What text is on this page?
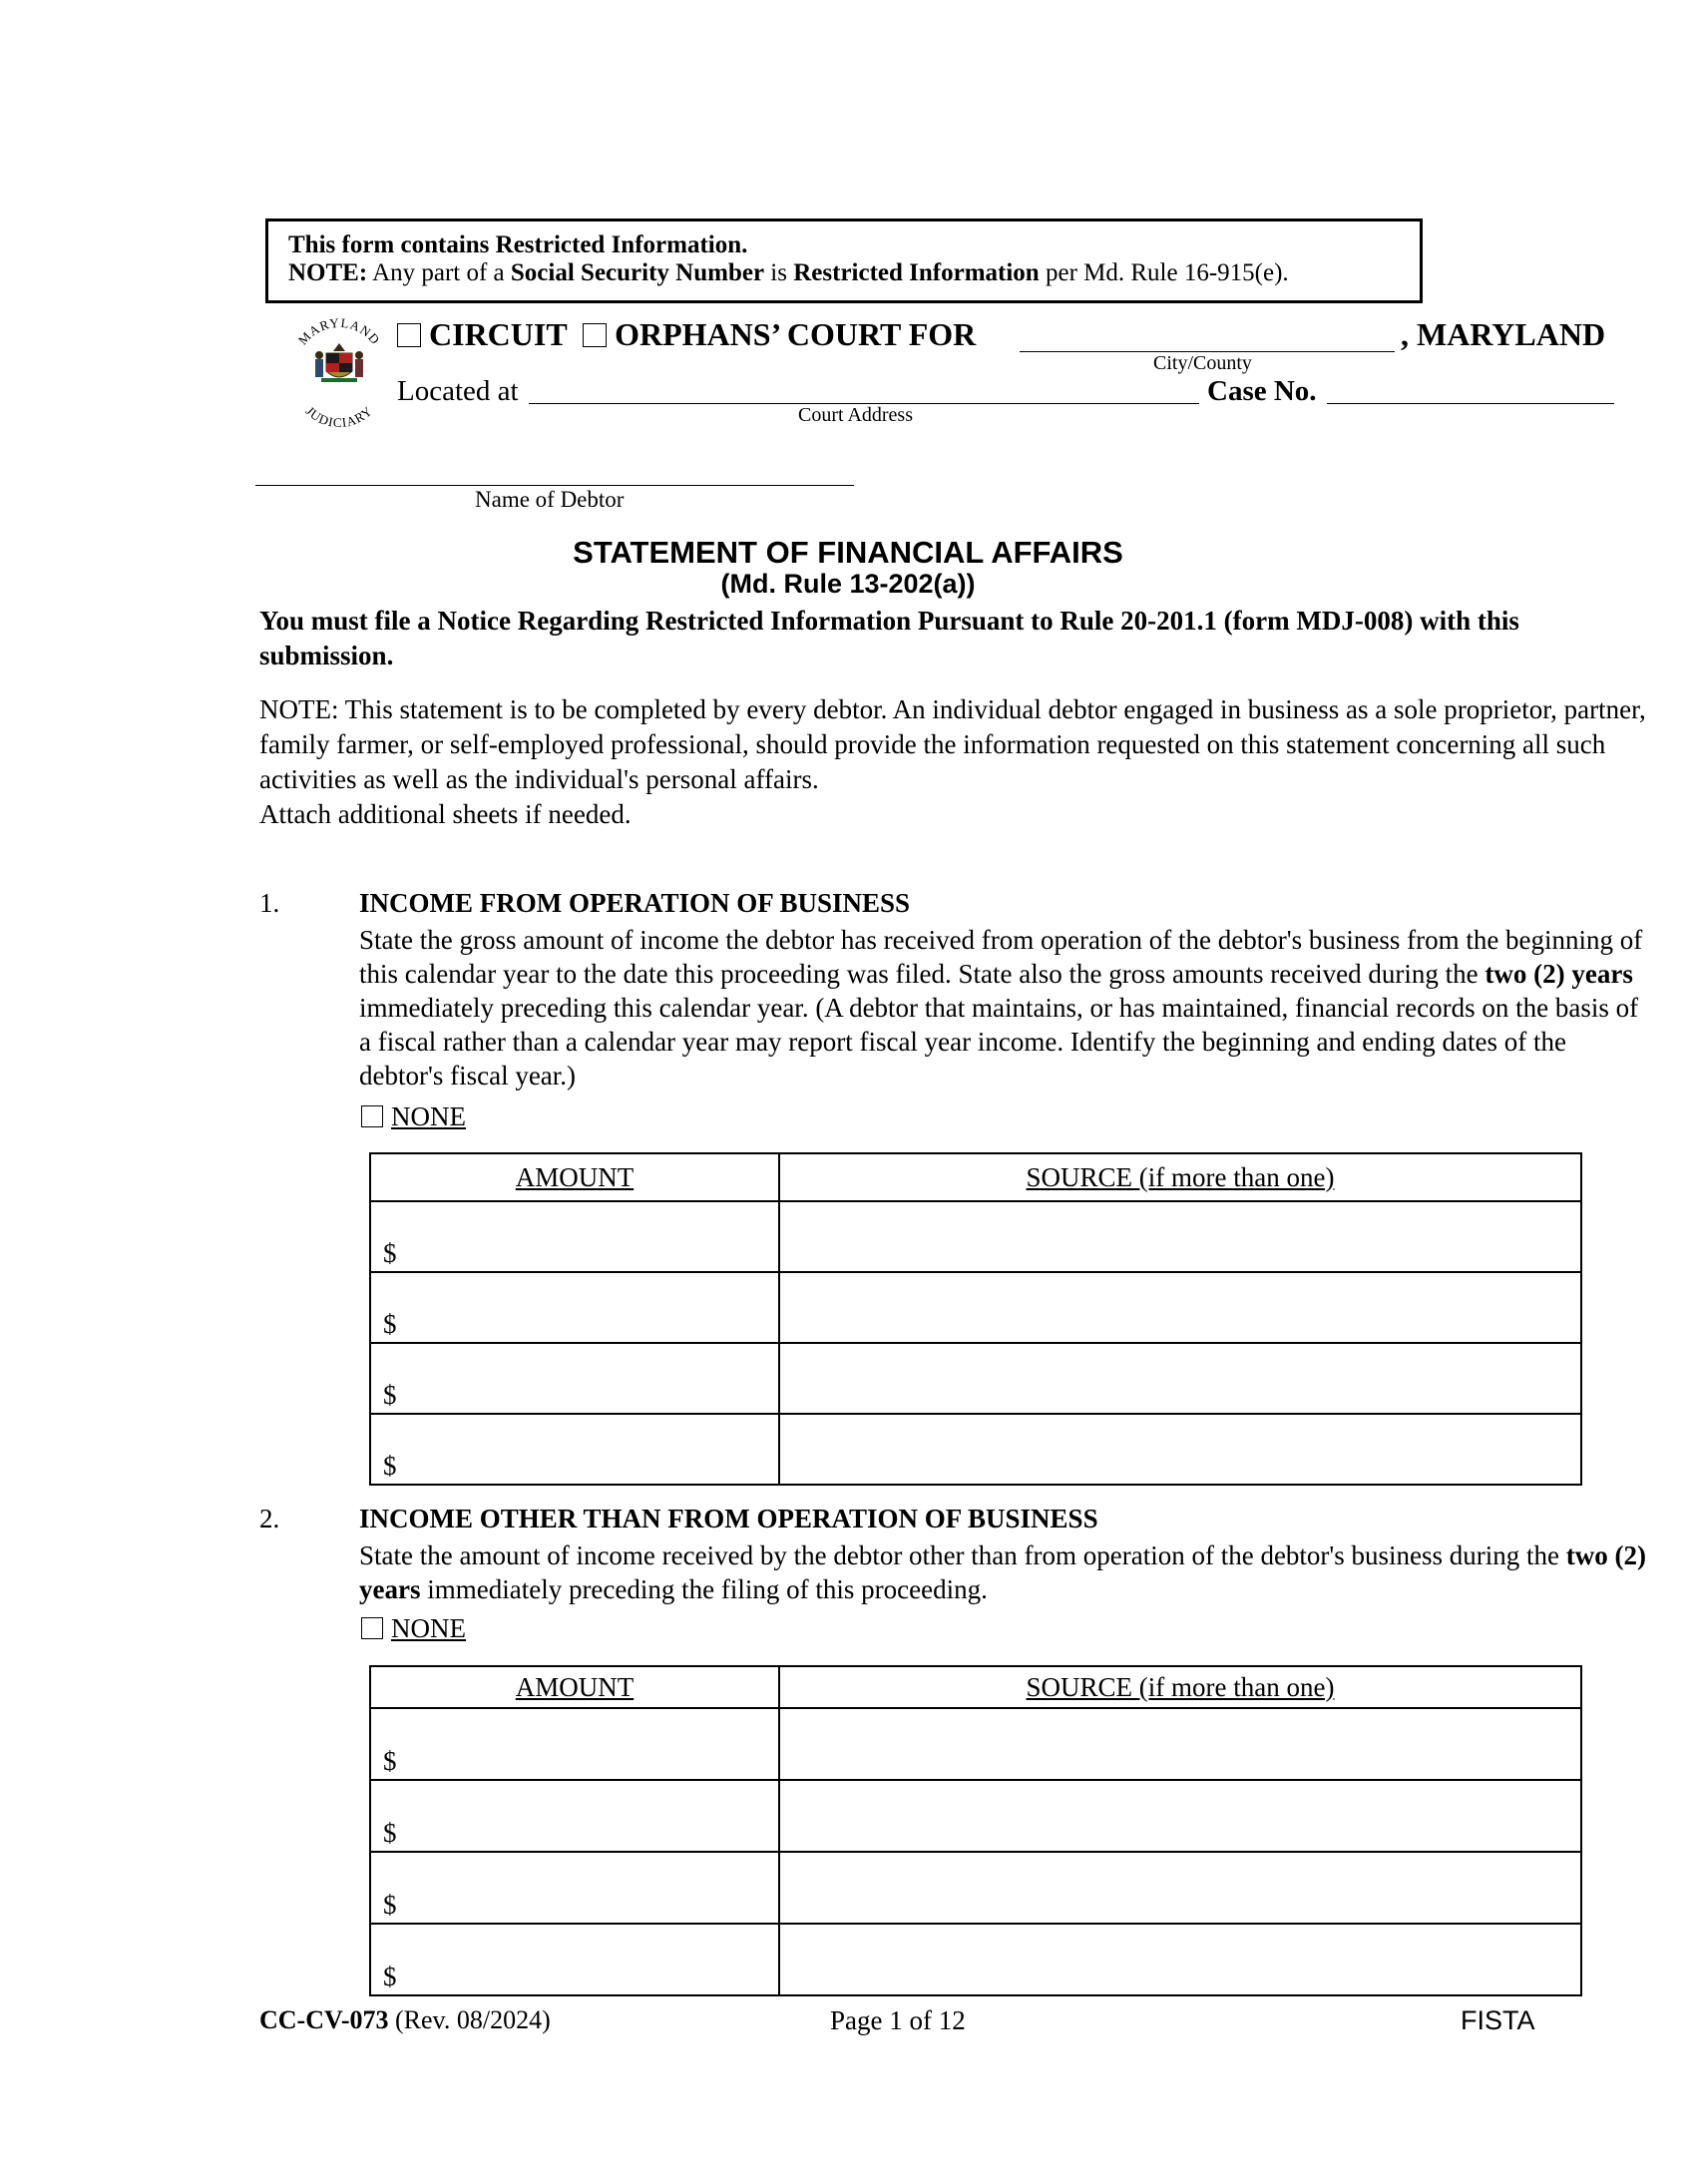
This form contains Restricted Information.
NOTE: Any part of a Social Security Number is Restricted Information per Md. Rule 16-915(e).
MARYLAND
JUDICIARY
CIRCUIT ORPHANS’ COURT FOR	, MARYLAND
City/County
Located at
Court Address
Case No.
Name of Debtor
STATEMENT OF FINANCIAL AFFAIRS
(Md. Rule 13-202(a))
You must file a Notice Regarding Restricted Information Pursuant to Rule 20-201.1 (form MDJ-008) with this submission.
NOTE: This statement is to be completed by every debtor. An individual debtor engaged in business as a sole proprietor, partner, family farmer, or self-employed professional, should provide the information requested on this statement concerning all such activities as well as the individual's personal affairs.
Attach additional sheets if needed.
1.	INCOME FROM OPERATION OF BUSINESS
State the gross amount of income the debtor has received from operation of the debtor's business from the beginning of this calendar year to the date this proceeding was filed. State also the gross amounts received during the two (2) years immediately preceding this calendar year. (A debtor that maintains, or has maintained, financial records on the basis of a fiscal rather than a calendar year may report fiscal year income. Identify the beginning and ending dates of the debtor's fiscal year.)
NONE
AMOUNT	SOURCE (if more than one)
$	
$	
$	
$	
2.	INCOME OTHER THAN FROM OPERATION OF BUSINESS
State the amount of income received by the debtor other than from operation of the debtor's business during the two (2) years immediately preceding the filing of this proceeding.
NONE
AMOUNT	SOURCE (if more than one)
$	
$	
$	
$	
CC-CV-073 (Rev. 08/2024)	Page 1 of 12	FISTA
